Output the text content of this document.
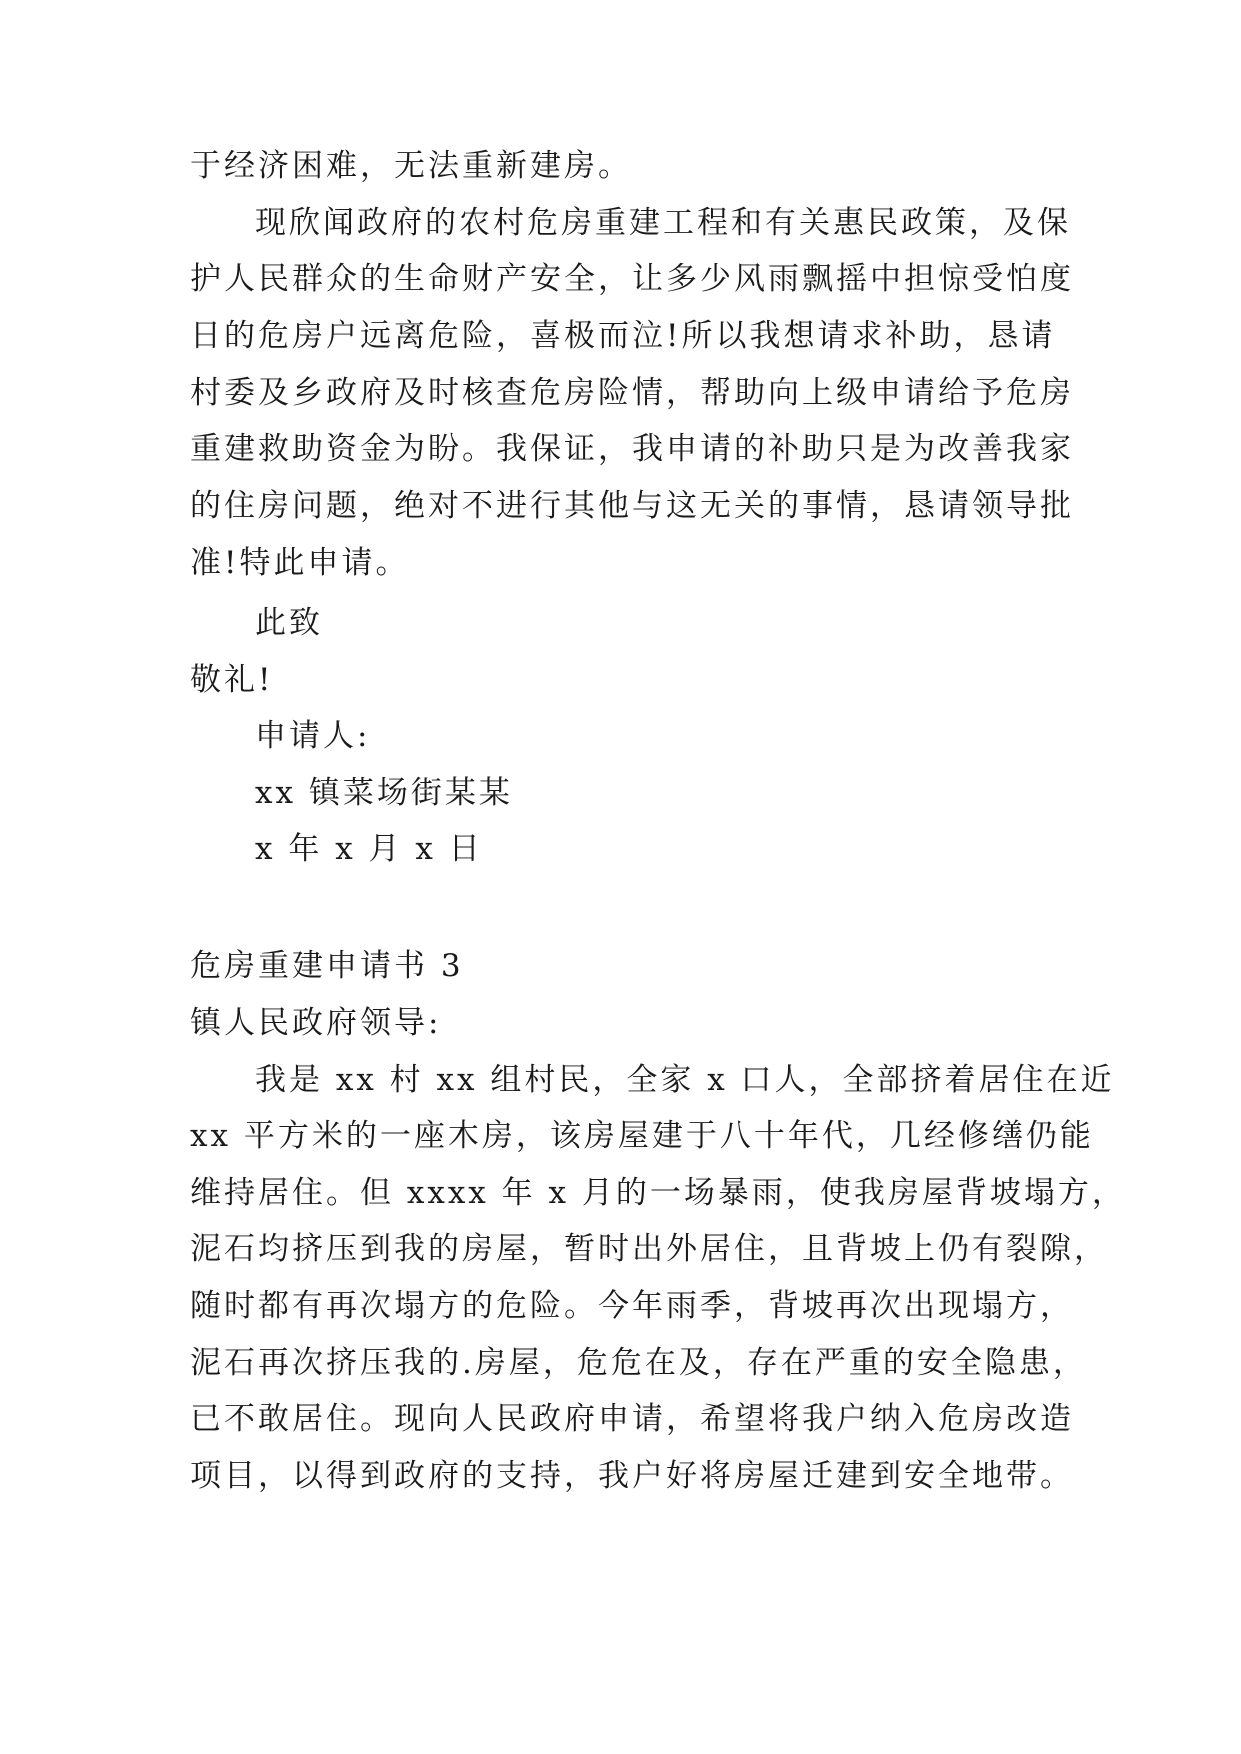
于经济困难，无法重新建房。
现欣闻政府的农村危房重建工程和有关惠民政策，及保
护人民群众的生命财产安全，让多少风雨飘摇中担惊受怕度
日的危房户远离危险，喜极而泣!所以我想请求补助，恳请
村委及乡政府及时核查危房险情，帮助向上级申请给予危房
重建救助资金为盼。我保证，我申请的补助只是为改善我家
的住房问题，绝对不进行其他与这无关的事情，恳请领导批
准!特此申请。
此致
敬礼!
申请人:
xx 镇菜场街某某
x 年 x 月 x 日
危房重建申请书 3
镇人民政府领导:
我是 xx 村 xx 组村民，全家 x 口人，全部挤着居住在近
xx 平方米的一座木房，该房屋建于八十年代，几经修缮仍能
维持居住。但 xxxx 年 x 月的一场暴雨，使我房屋背坡塌方，
泥石均挤压到我的房屋，暂时出外居住，且背坡上仍有裂隙，
随时都有再次塌方的危险。今年雨季，背坡再次出现塌方，
泥石再次挤压我的.房屋，危危在及，存在严重的安全隐患，
已不敢居住。现向人民政府申请，希望将我户纳入危房改造
项目，以得到政府的支持，我户好将房屋迁建到安全地带。
